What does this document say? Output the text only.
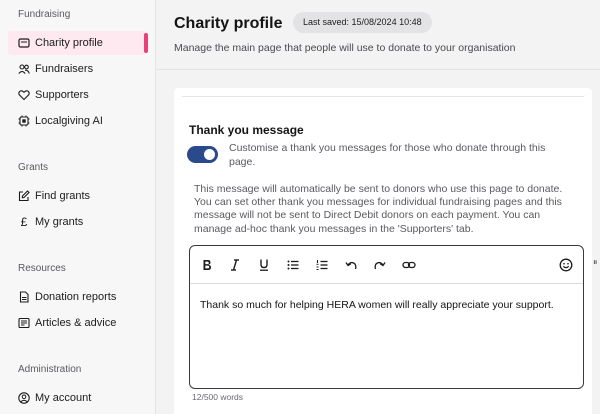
Fundraising
Charity profile
Fundraisers
Supporters
Localgiving AI
Grants
Find grants
£ My grants
Resources
Donation reports
Articles & advice
Administration
My account
Charity profile	Last saved: 15/08/2024 10:48

Manage the main page that people will use to donate to your organisation

Thank you message
Customise a thank you messages for those who donate through this page.

This message will automatically be sent to donors who use this page to donate. You can set other thank you messages for individual fundraising pages and this message will not be sent to Direct Debit donors on each payment. You can manage ad-hoc thank you messages in the 'Supporters' tab.

Thank so much for helping HERA women will really appreciate your support.
12/500 words
⏸
